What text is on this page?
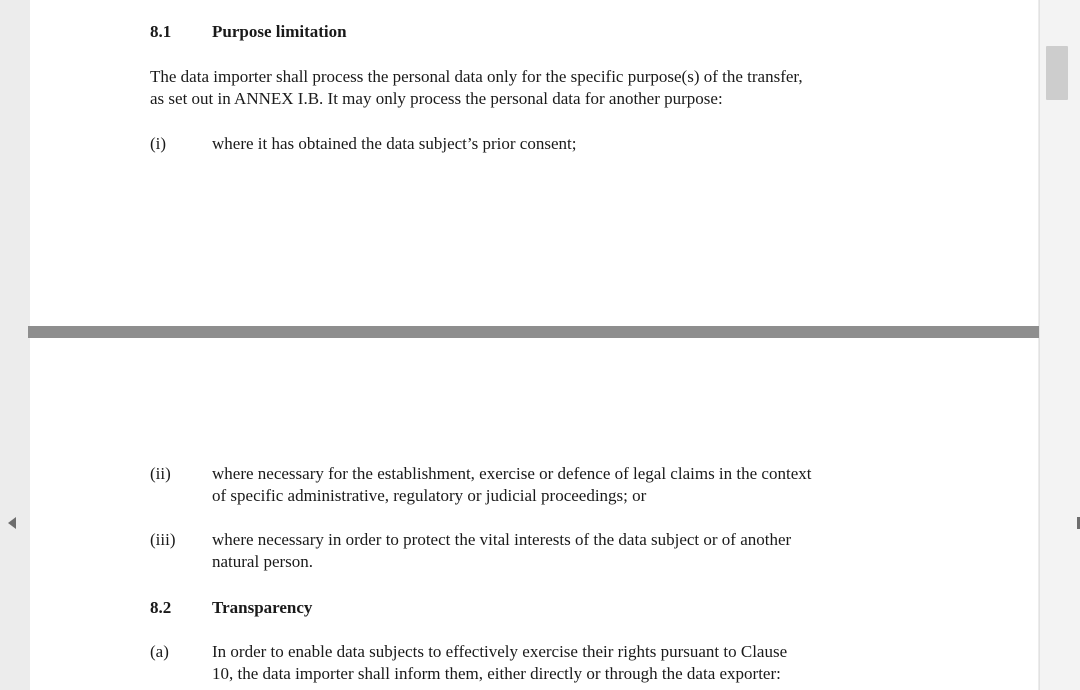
8.1 Purpose limitation
The data importer shall process the personal data only for the specific purpose(s) of the transfer,
as set out in ANNEX I.B. It may only process the personal data for another purpose:
(i)	where it has obtained the data subject’s prior consent;
(ii) where necessary for the establishment, exercise or defence of legal claims in the context
of specific administrative, regulatory or judicial proceedings; or
(iii) where necessary in order to protect the vital interests of the data subject or of another
natural person.
8.2 Transparency
(a)	In order to enable data subjects to effectively exercise their rights pursuant to Clause
10, the data importer shall inform them, either directly or through the data exporter:
